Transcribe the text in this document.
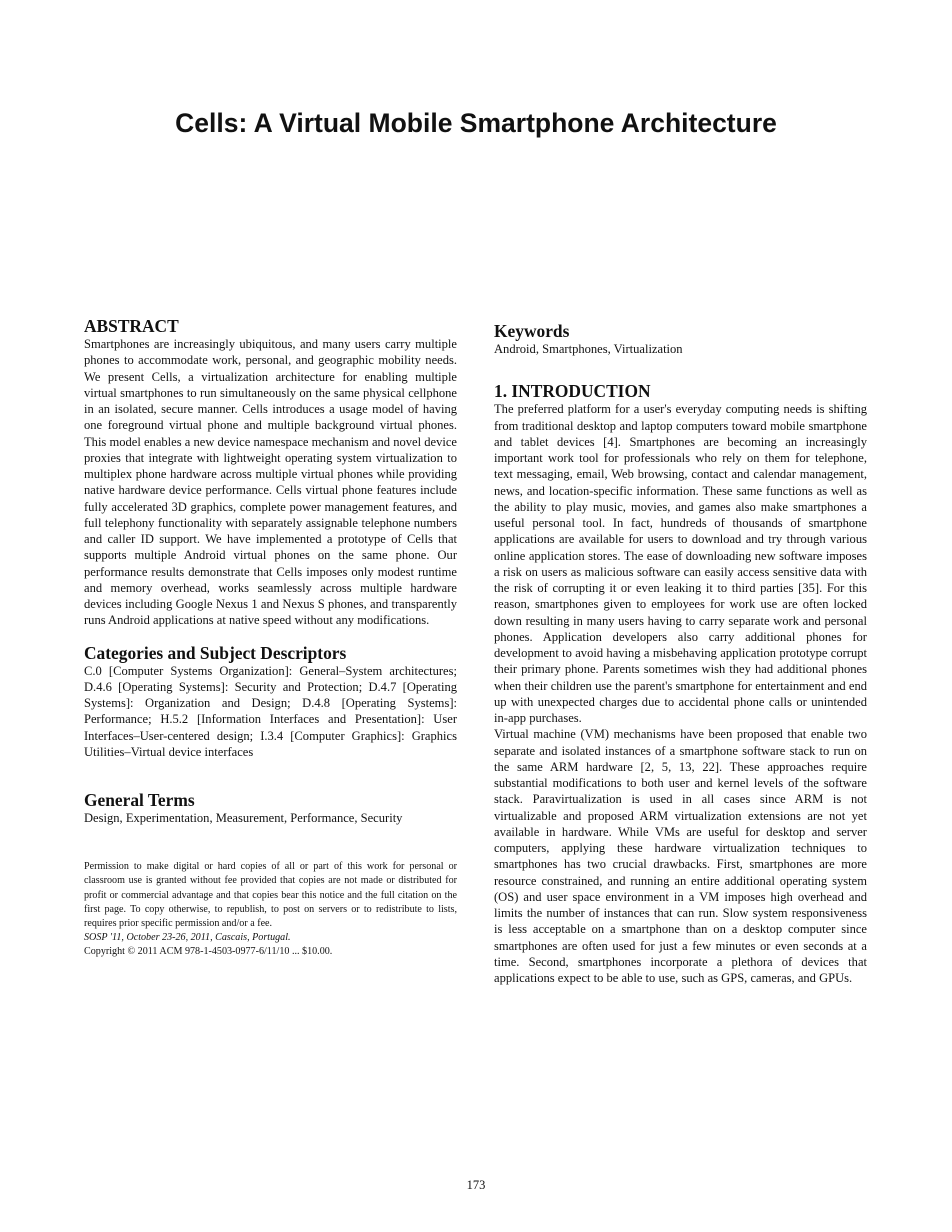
Cells: A Virtual Mobile Smartphone Architecture
ABSTRACT

Smartphones are increasingly ubiquitous, and many users carry multiple phones to accommodate work, personal, and geographic mobility needs. We present Cells, a virtualization architecture for enabling multiple virtual smartphones to run simultaneously on the same physical cellphone in an isolated, secure manner. Cells introduces a usage model of having one foreground virtual phone and multiple background virtual phones. This model enables a new device namespace mechanism and novel device proxies that integrate with lightweight operating system virtualization to multiplex phone hardware across multiple virtual phones while providing native hardware device performance. Cells virtual phone features include fully accelerated 3D graphics, complete power management features, and full telephony functionality with separately assignable telephone numbers and caller ID support. We have implemented a prototype of Cells that supports multiple Android virtual phones on the same phone. Our performance results demonstrate that Cells imposes only modest runtime and memory overhead, works seamlessly across multiple hardware devices including Google Nexus 1 and Nexus S phones, and transparently runs Android applications at native speed without any modifications.

Categories and Subject Descriptors

C.0 [Computer Systems Organization]: General–System architectures; D.4.6 [Operating Systems]: Security and Protection; D.4.7 [Operating Systems]: Organization and Design; D.4.8 [Operating Systems]: Performance; H.5.2 [Information Interfaces and Presentation]: User Interfaces–User-centered design; I.3.4 [Computer Graphics]: Graphics Utilities–Virtual device interfaces

General Terms

Design, Experimentation, Measurement, Performance, Security

Permission to make digital or hard copies of all or part of this work for personal or classroom use is granted without fee provided that copies are not made or distributed for profit or commercial advantage and that copies bear this notice and the full citation on the first page. To copy otherwise, to republish, to post on servers or to redistribute to lists, requires prior specific permission and/or a fee.

SOSP '11, October 23-26, 2011, Cascais, Portugal.

Copyright © 2011 ACM 978-1-4503-0977-6/11/10 ... $10.00.

Keywords

Android, Smartphones, Virtualization

1. INTRODUCTION

The preferred platform for a user's everyday computing needs is shifting from traditional desktop and laptop computers toward mobile smartphone and tablet devices [4]. Smartphones are becoming an increasingly important work tool for professionals who rely on them for telephone, text messaging, email, Web browsing, contact and calendar management, news, and location-specific information. These same functions as well as the ability to play music, movies, and games also make smartphones a useful personal tool. In fact, hundreds of thousands of smartphone applications are available for users to download and try through various online application stores. The ease of downloading new software imposes a risk on users as malicious software can easily access sensitive data with the risk of corrupting it or even leaking it to third parties [35]. For this reason, smartphones given to employees for work use are often locked down resulting in many users having to carry separate work and personal phones. Application developers also carry additional phones for development to avoid having a misbehaving application prototype corrupt their primary phone. Parents sometimes wish they had additional phones when their children use the parent's smartphone for entertainment and end up with unexpected charges due to accidental phone calls or unintended in-app purchases.

Virtual machine (VM) mechanisms have been proposed that enable two separate and isolated instances of a smartphone software stack to run on the same ARM hardware [2, 5, 13, 22]. These approaches require substantial modifications to both user and kernel levels of the software stack. Paravirtualization is used in all cases since ARM is not virtualizable and proposed ARM virtualization extensions are not yet available in hardware. While VMs are useful for desktop and server computers, applying these hardware virtualization techniques to smartphones has two crucial drawbacks. First, smartphones are more resource constrained, and running an entire additional operating system (OS) and user space environment in a VM imposes high overhead and limits the number of instances that can run. Slow system responsiveness is less acceptable on a smartphone than on a desktop computer since smartphones are often used for just a few minutes or even seconds at a time. Second, smartphones incorporate a plethora of devices that applications expect to be able to use, such as GPS, cameras, and GPUs.

173
